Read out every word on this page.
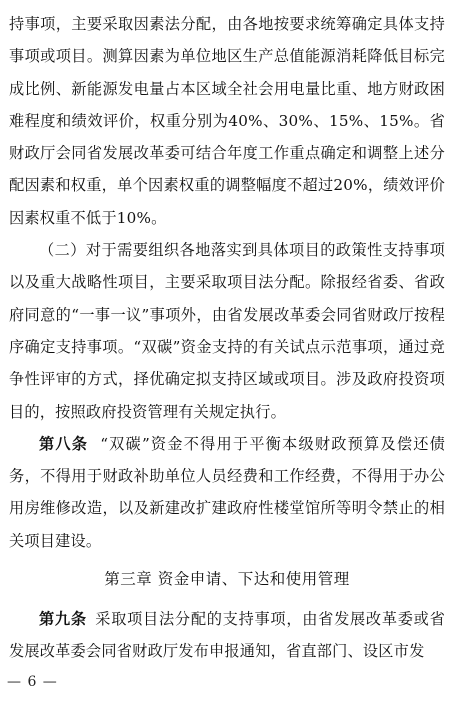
持事项，主要采取因素法分配，由各地按要求统筹确定具体支持事项或项目。测算因素为单位地区生产总值能源消耗降低目标完成比例、新能源发电量占本区域全社会用电量比重、地方财政困难程度和绩效评价，权重分别为40%、30%、15%、15%。省财政厅会同省发展改革委可结合年度工作重点确定和调整上述分配因素和权重，单个因素权重的调整幅度不超过20%，绩效评价因素权重不低于10%。

（二）对于需要组织各地落实到具体项目的政策性支持事项以及重大战略性项目，主要采取项目法分配。除报经省委、省政府同意的“一事一议”事项外，由省发展改革委会同省财政厅按程序确定支持事项。“双碳”资金支持的有关试点示范事项，通过竞争性评审的方式，择优确定拟支持区域或项目。涉及政府投资项目的，按照政府投资管理有关规定执行。

第八条 “双碳”资金不得用于平衡本级财政预算及偿还债务，不得用于财政补助单位人员经费和工作经费，不得用于办公用房维修改造，以及新建改扩建政府性楼堂馆所等明令禁止的相关项目建设。

第三章 资金申请、下达和使用管理

第九条 采取项目法分配的支持事项，由省发展改革委或省发展改革委会同省财政厅发布申报通知，省直部门、设区市发

— 6 —
